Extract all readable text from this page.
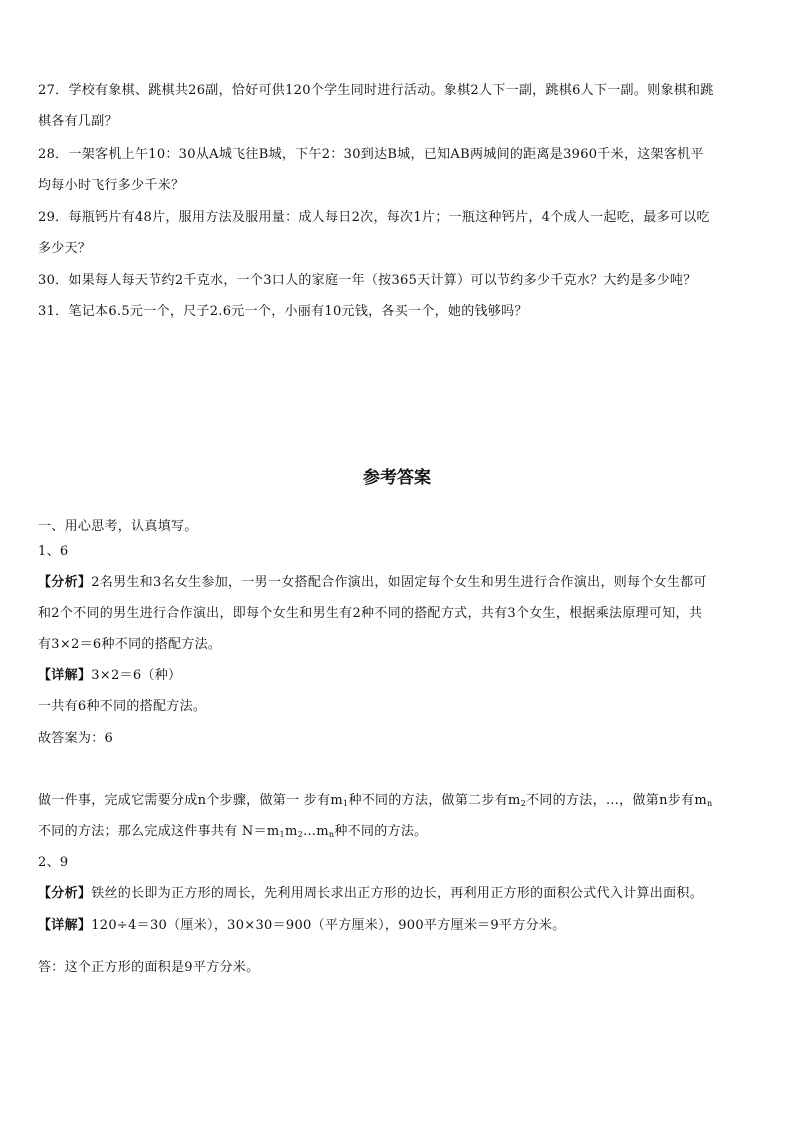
27．学校有象棋、跳棋共26副，恰好可供120个学生同时进行活动。象棋2人下一副，跳棋6人下一副。则象棋和跳
棋各有几副？
28．一架客机上午10：30从A城飞往B城，下午2：30到达B城，已知AB两城间的距离是3960千米，这架客机平
均每小时飞行多少千米？
29．每瓶钙片有48片，服用方法及服用量：成人每日2次，每次1片；一瓶这种钙片，4个成人一起吃，最多可以吃
多少天？
30．如果每人每天节约2千克水，一个3口人的家庭一年（按365天计算）可以节约多少千克水？大约是多少吨？
31．笔记本6.5元一个，尺子2.6元一个，小丽有10元钱，各买一个，她的钱够吗？
参考答案
一、用心思考，认真填写。
1、6
【分析】2名男生和3名女生参加，一男一女搭配合作演出，如固定每个女生和男生进行合作演出，则每个女生都可
和2个不同的男生进行合作演出，即每个女生和男生有2种不同的搭配方式，共有3个女生，根据乘法原理可知，共
有3×2＝6种不同的搭配方法。
【详解】3×2＝6（种）
一共有6种不同的搭配方法。
故答案为：6
做一件事，完成它需要分成n个步骤，做第一 步有$m_1$种不同的方法，做第二步有$m_2$不同的方法，…，做第n步有$m_n$
不同的方法；那么完成这件事共有 $N=m_1m_2\dots m_n$种不同的方法。
2、9
【分析】铁丝的长即为正方形的周长，先利用周长求出正方形的边长，再利用正方形的面积公式代入计算出面积。
【详解】120÷4＝30（厘米），30×30＝900（平方厘米），900平方厘米＝9平方分米。
答：这个正方形的面积是9平方分米。
